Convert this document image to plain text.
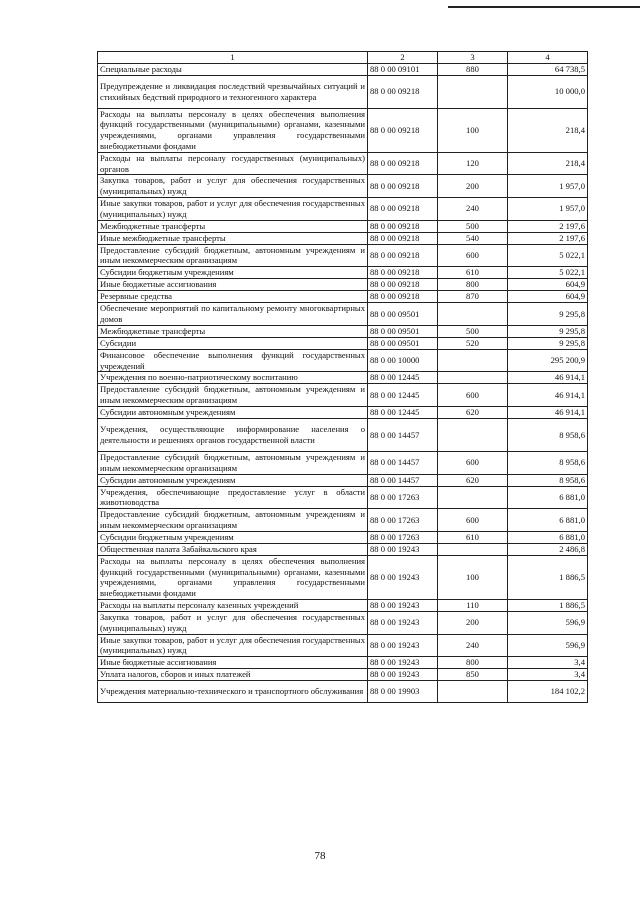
1	2	3	4
Специальные расходы	88 0 00 09101	880	64 738,5
Предупреждение и ликвидация последствий чрезвычайных ситуаций и стихийных бедствий природного и техногенного характера	88 0 00 09218		10 000,0
Расходы на выплаты персоналу в целях обеспечения выполнения функций государственными (муниципальными) органами, казенными учреждениями, органами управления государственными внебюджетными фондами	88 0 00 09218	100	218,4
Расходы на выплаты персоналу государственных (муниципальных) органов	88 0 00 09218	120	218,4
Закупка товаров, работ и услуг для обеспечения государственных (муниципальных) нужд	88 0 00 09218	200	1 957,0
Иные закупки товаров, работ и услуг для обеспечения государственных (муниципальных) нужд	88 0 00 09218	240	1 957,0
Межбюджетные трансферты	88 0 00 09218	500	2 197,6
Иные межбюджетные трансферты	88 0 00 09218	540	2 197,6
Предоставление субсидий бюджетным, автономным учреждениям и иным некоммерческим организациям	88 0 00 09218	600	5 022,1
Субсидии бюджетным учреждениям	88 0 00 09218	610	5 022,1
Иные бюджетные ассигнования	88 0 00 09218	800	604,9
Резервные средства	88 0 00 09218	870	604,9
Обеспечение мероприятий по капитальному ремонту многоквартирных домов	88 0 00 09501		9 295,8
Межбюджетные трансферты	88 0 00 09501	500	9 295,8
Субсидии	88 0 00 09501	520	9 295,8
Финансовое обеспечение выполнения функций государственных учреждений	88 0 00 10000		295 200,9
Учреждения по военно-патриотическому воспитанию	88 0 00 12445		46 914,1
Предоставление субсидий бюджетным, автономным учреждениям и иным некоммерческим организациям	88 0 00 12445	600	46 914,1
Субсидии автономным учреждениям	88 0 00 12445	620	46 914,1
Учреждения, осуществляющие информирование населения о деятельности и решениях органов государственной власти	88 0 00 14457		8 958,6
Предоставление субсидий бюджетным, автономным учреждениям и иным некоммерческим организациям	88 0 00 14457	600	8 958,6
Субсидии автономным учреждениям	88 0 00 14457	620	8 958,6
Учреждения, обеспечивающие предоставление услуг в области животноводства	88 0 00 17263		6 881,0
Предоставление субсидий бюджетным, автономным учреждениям и иным некоммерческим организациям	88 0 00 17263	600	6 881,0
Субсидии бюджетным учреждениям	88 0 00 17263	610	6 881,0
Общественная палата Забайкальского края	88 0 00 19243		2 486,8
Расходы на выплаты персоналу в целях обеспечения выполнения функций государственными (муниципальными) органами, казенными учреждениями, органами управления государственными внебюджетными фондами	88 0 00 19243	100	1 886,5
Расходы на выплаты персоналу казенных учреждений	88 0 00 19243	110	1 886,5
Закупка товаров, работ и услуг для обеспечения государственных (муниципальных) нужд	88 0 00 19243	200	596,9
Иные закупки товаров, работ и услуг для обеспечения государственных (муниципальных) нужд	88 0 00 19243	240	596,9
Иные бюджетные ассигнования	88 0 00 19243	800	3,4
Уплата налогов, сборов и иных платежей	88 0 00 19243	850	3,4
Учреждения материально-технического и транспортного обслуживания	88 0 00 19903		184 102,2
78
